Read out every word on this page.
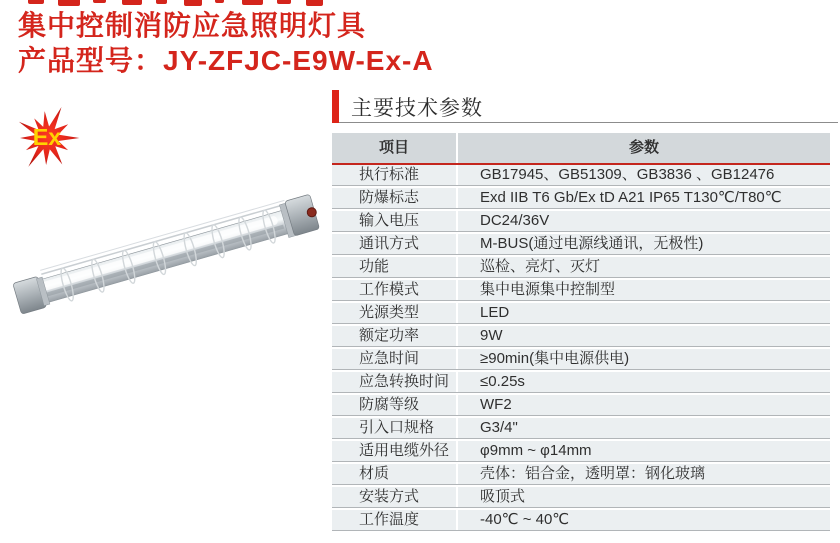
集中控制消防应急照明灯具
产品型号：JY-ZFJC-E9W-Ex-A
Ex
主要技术参数
项目	参数
执行标准	GB17945、GB51309、GB3836 、GB12476
防爆标志	Exd IIB T6 Gb/Ex tD A21 IP65 T130℃/T80℃
输入电压	DC24/36V
通讯方式	M-BUS(通过电源线通讯，无极性)
功能	巡检、亮灯、灭灯
工作模式	集中电源集中控制型
光源类型	LED
额定功率	9W
应急时间	≥90min(集中电源供电)
应急转换时间	≤0.25s
防腐等级	WF2
引入口规格	G3/4"
适用电缆外径	φ9mm ~ φ14mm
材质	壳体：铝合金，透明罩：钢化玻璃
安装方式	吸顶式
工作温度	-40℃ ~ 40℃
